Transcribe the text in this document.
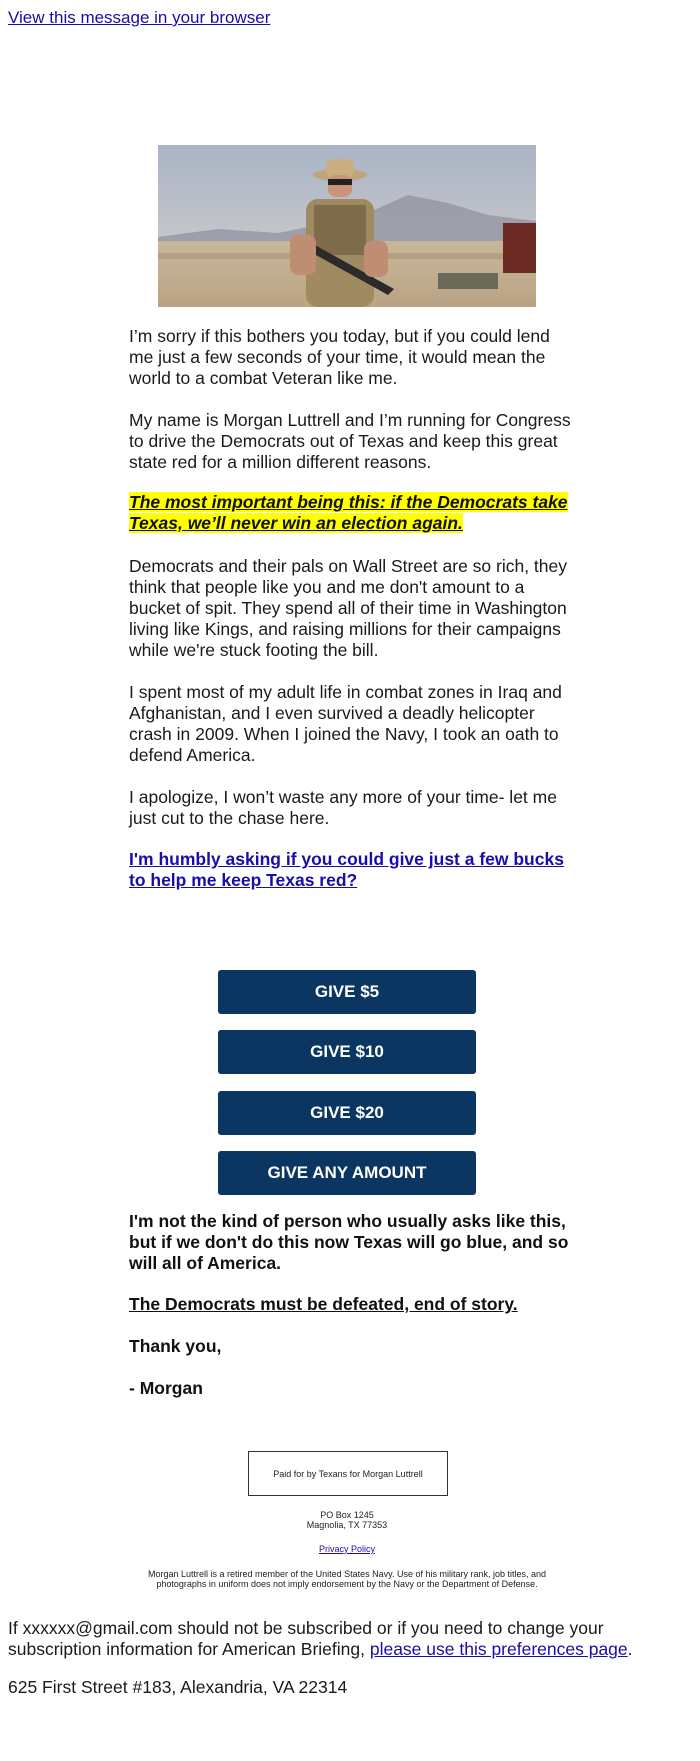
View this message in your browser

I’m sorry if this bothers you today, but if you could lend me just a few seconds of your time, it would mean the world to a combat Veteran like me.

My name is Morgan Luttrell and I’m running for Congress to drive the Democrats out of Texas and keep this great state red for a million different reasons.

The most important being this: if the Democrats take Texas, we’ll never win an election again.

Democrats and their pals on Wall Street are so rich, they think that people like you and me don't amount to a bucket of spit. They spend all of their time in Washington living like Kings, and raising millions for their campaigns while we're stuck footing the bill.

I spent most of my adult life in combat zones in Iraq and Afghanistan, and I even survived a deadly helicopter crash in 2009. When I joined the Navy, I took an oath to defend America.

I apologize, I won’t waste any more of your time- let me just cut to the chase here.

I'm humbly asking if you could give just a few bucks to help me keep Texas red?

GIVE $5
GIVE $10
GIVE $20
GIVE ANY AMOUNT

I'm not the kind of person who usually asks like this, but if we don't do this now Texas will go blue, and so will all of America.

The Democrats must be defeated, end of story.

Thank you,

- Morgan

Paid for by Texans for Morgan Luttrell
PO Box 1245
Magnolia, TX 77353
Privacy Policy
Morgan Luttrell is a retired member of the United States Navy. Use of his military rank, job titles, and photographs in uniform does not imply endorsement by the Navy or the Department of Defense.
If xxxxxx@gmail.com should not be subscribed or if you need to change your subscription information for American Briefing, please use this preferences page.
625 First Street #183, Alexandria, VA 22314
